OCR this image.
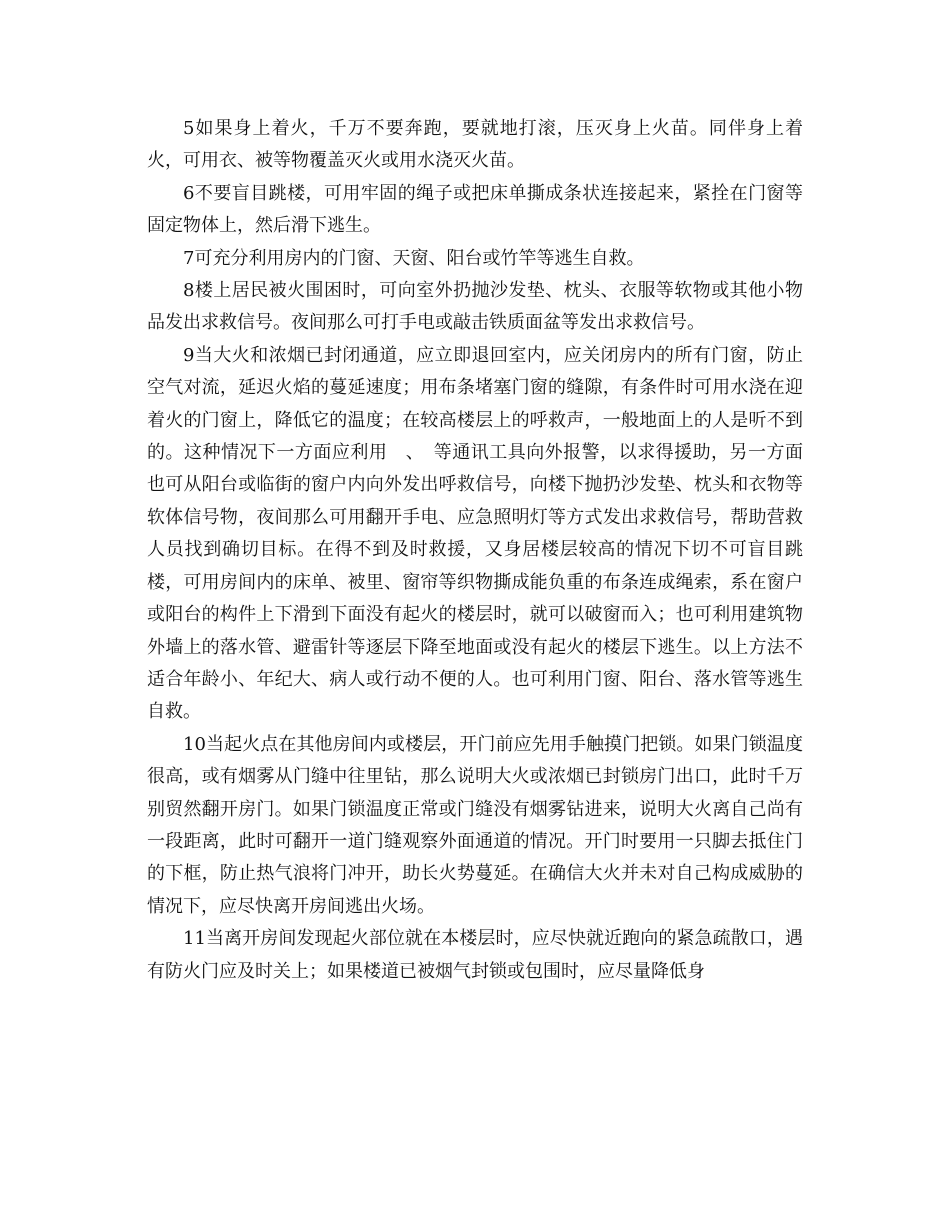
5如果身上着火，千万不要奔跑，要就地打滚，压灭身上火苗。同伴身上着火，可用衣、被等物覆盖灭火或用水浇灭火苗。

6不要盲目跳楼，可用牢固的绳子或把床单撕成条状连接起来，紧拴在门窗等固定物体上，然后滑下逃生。

7可充分利用房内的门窗、天窗、阳台或竹竿等逃生自救。

8楼上居民被火围困时，可向室外扔抛沙发垫、枕头、衣服等软物或其他小物品发出求救信号。夜间那么可打手电或敲击铁质面盆等发出求救信号。

9当大火和浓烟已封闭通道，应立即退回室内，应关闭房内的所有门窗，防止空气对流，延迟火焰的蔓延速度；用布条堵塞门窗的缝隙，有条件时可用水浇在迎着火的门窗上，降低它的温度；在较高楼层上的呼救声，一般地面上的人是听不到的。这种情况下一方面应利用　、　等通讯工具向外报警，以求得援助，另一方面也可从阳台或临街的窗户内向外发出呼救信号，向楼下抛扔沙发垫、枕头和衣物等软体信号物，夜间那么可用翻开手电、应急照明灯等方式发出求救信号，帮助营救人员找到确切目标。在得不到及时救援，又身居楼层较高的情况下切不可盲目跳楼，可用房间内的床单、被里、窗帘等织物撕成能负重的布条连成绳索，系在窗户或阳台的构件上下滑到下面没有起火的楼层时，就可以破窗而入；也可利用建筑物外墙上的落水管、避雷针等逐层下降至地面或没有起火的楼层下逃生。以上方法不适合年龄小、年纪大、病人或行动不便的人。也可利用门窗、阳台、落水管等逃生自救。

10当起火点在其他房间内或楼层，开门前应先用手触摸门把锁。如果门锁温度很高，或有烟雾从门缝中往里钻，那么说明大火或浓烟已封锁房门出口，此时千万别贸然翻开房门。如果门锁温度正常或门缝没有烟雾钻进来，说明大火离自己尚有一段距离，此时可翻开一道门缝观察外面通道的情况。开门时要用一只脚去抵住门的下框，防止热气浪将门冲开，助长火势蔓延。在确信大火并未对自己构成威胁的情况下，应尽快离开房间逃出火场。

11当离开房间发现起火部位就在本楼层时，应尽快就近跑向的紧急疏散口，遇有防火门应及时关上；如果楼道已被烟气封锁或包围时，应尽量降低身
